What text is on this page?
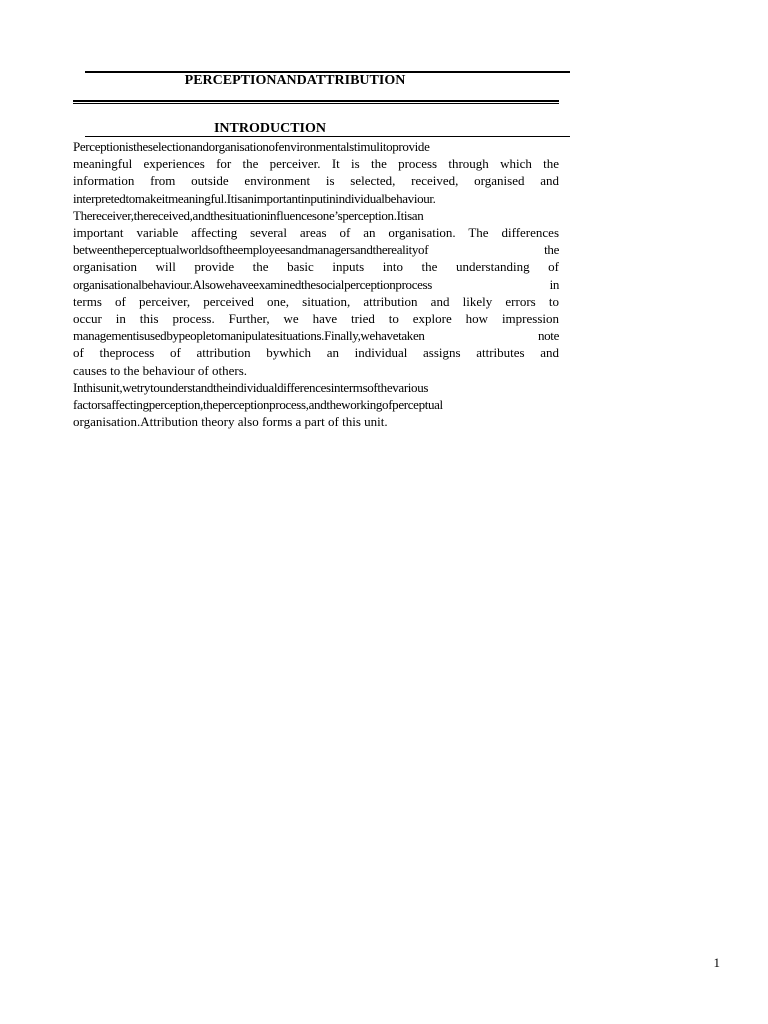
PERCEPTIONANDATTRIBUTION
INTRODUCTION
Perceptionistheselectionandorganisationofenvironmentalstimulitoprovide
meaningful experiences for the perceiver. It is the process through which the
information from outside environment is selected, received, organised and
interpretedtomakeitmeaningful.Itisanimportantinputinindividualbehaviour.
Thereceiver,thereceived,andthesituationinfluencesone’sperception.Itisan
important variable affecting several areas of an organisation. The differences
betweentheperceptualworldsoftheemployeesandmanagersandtherealityof    the
organisation will provide the basic inputs into the understanding of
organisationalbehaviour.Alsowehaveexaminedthesocialperceptionprocess    in
terms of perceiver, perceived one, situation, attribution and likely errors to
occur in this process. Further, we have tried to explore how impression
managementisusedbypeopletomanipulatesituations.Finally,wehavetaken    note
of theprocess of attribution bywhich an individual assigns attributes and
causes to the behaviour of others.
Inthisunit,wetrytounderstandtheindividualdifferencesintermsofthevarious
factorsaffectingperception,theperceptionprocess,andtheworkingofperceptual
organisation.Attribution theory also forms a part of this unit.
1
